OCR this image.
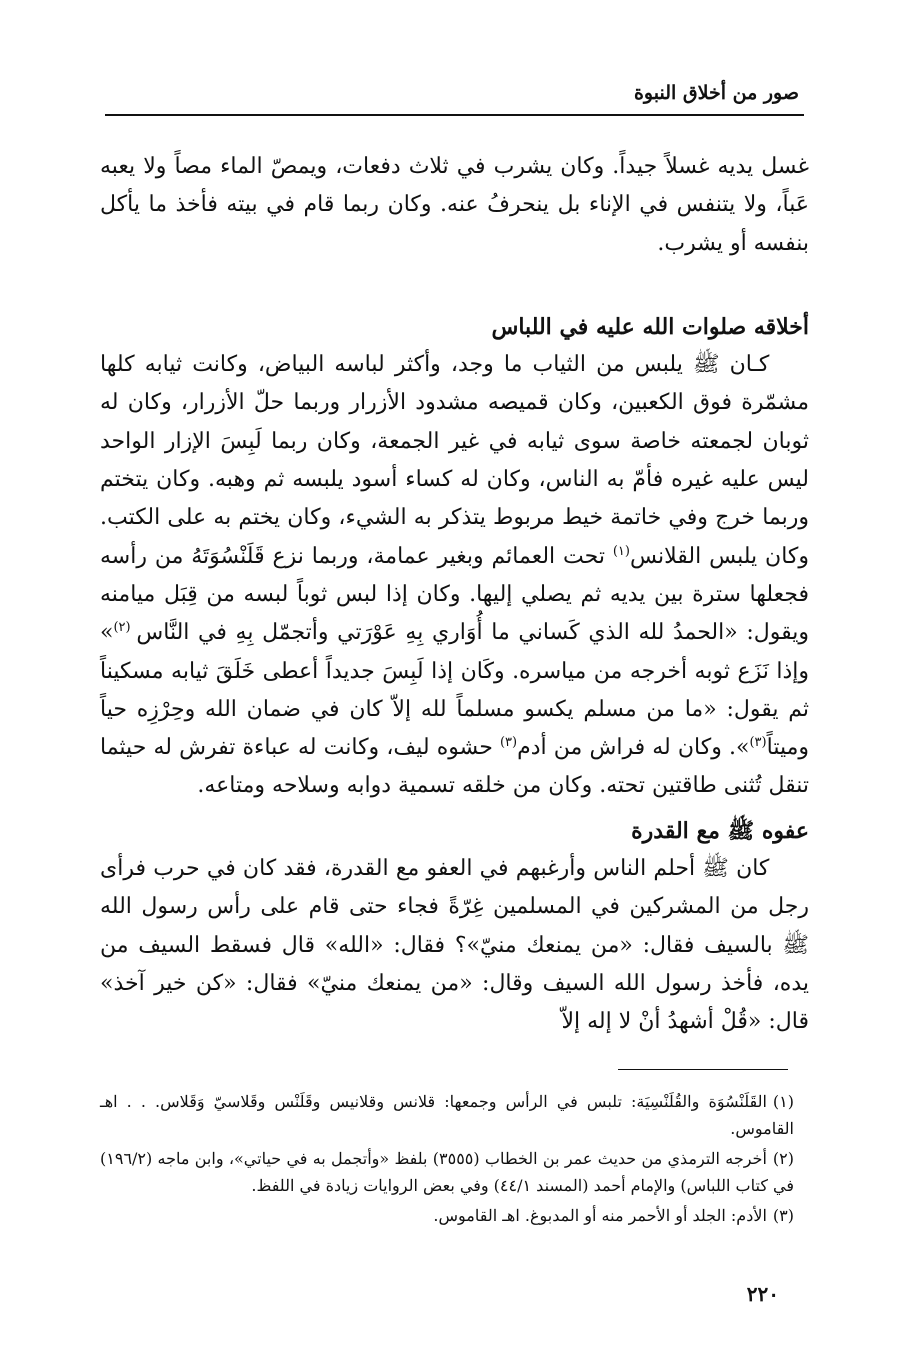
صور من أخلاق النبوة

غسل يديه غسلاً جيداً. وكان يشرب في ثلاث دفعات، ويمصّ الماء مصاً ولا يعبه عَباً، ولا يتنفس في الإناء بل ينحرفُ عنه. وكان ربما قام في بيته فأخذ ما يأكل بنفسه أو يشرب.

أخلاقه صلوات الله عليه في اللباس

كـان ﷺ يلبس من الثياب ما وجد، وأكثر لباسه البياض، وكانت ثيابه كلها مشمّرة فوق الكعبين، وكان قميصه مشدود الأزرار وربما حلّ الأزرار، وكان له ثوبان لجمعته خاصة سوى ثيابه في غير الجمعة، وكان ربما لَبِسَ الإزار الواحد ليس عليه غيره فأمّ به الناس، وكان له كساء أسود يلبسه ثم وهبه. وكان يتختم وربما خرج وفي خاتمة خيط مربوط يتذكر به الشيء، وكان يختم به على الكتب. وكان يلبس القلانس$^{(١)}$ تحت العمائم وبغير عمامة، وربما نزع قَلَنْسُوَتَهُ من رأسه فجعلها سترة بين يديه ثم يصلي إليها. وكان إذا لبس ثوباً لبسه من قِبَل ميامنه ويقول: «الحمدُ لله الذي كَساني ما أُوَاري بِهِ عَوْرَتي وأتجمّل بِهِ في النَّاس $^{(٢)}$» وإذا نَزَع ثوبه أخرجه من مياسره. وكَان إذا لَبِسَ جديداً أعطى خَلَقَ ثيابه مسكيناً ثم يقول: «ما من مسلم يكسو مسلماً لله إلاّ كان في ضمان الله وحِرْزِه حياً وميتاً$^{(٣)}$». وكان له فراش من أدم$^{(٣)}$ حشوه ليف، وكانت له عباءة تفرش له حيثما تنقل تُثنى طاقتين تحته. وكان من خلقه تسمية دوابه وسلاحه ومتاعه.

عفوه ﷺ مع القدرة

كان ﷺ أحلم الناس وأرغبهم في العفو مع القدرة، فقد كان في حرب فرأى رجل من المشركين في المسلمين غِرّةً فجاء حتى قام على رأس رسول الله ﷺ بالسيف فقال: «من يمنعك منيّ»؟ فقال: «الله» قال فسقط السيف من يده، فأخذ رسول الله السيف وقال: «من يمنعك منيّ» فقال: «كن خير آخذ» قال: «قُلْ أشهدُ أنْ لا إله إلاّ

(١)القَلَنْسُوَة والقُلَنْسِيَة: تلبس في الرأس وجمعها: قلانس وقلانيس وقَلَنْس وقَلاسيّ وَقَلاس. . . اهـ القاموس.

(٢)أخرجه الترمذي من حديث عمر بن الخطاب (٣٥٥٥) بلفظ «وأتجمل به في حياتي»، وابن ماجه (١٩٦/٢) في كتاب اللباس) والإمام أحمد (المسند ٤٤/١) وفي بعض الروايات زيادة في اللفظ.

(٣)الأدم: الجلد أو الأحمر منه أو المدبوغ. اهـ القاموس.

٢٢٠
